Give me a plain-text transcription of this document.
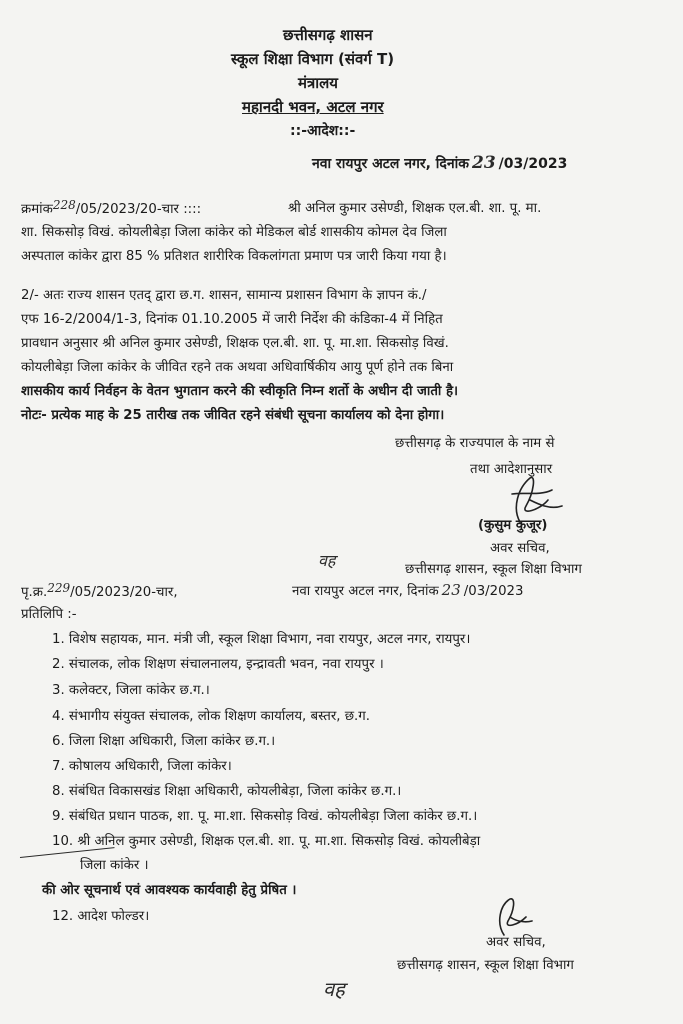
छत्तीसगढ़ शासन
स्कूल शिक्षा विभाग (संवर्ग T)
मंत्रालय
महानदी भवन, अटल नगर
::-आदेश::-
नवा रायपुर अटल नगर, दिनांक 23 /03/2023
क्रमांक228/05/2023/20-चार ::::	श्री अनिल कुमार उसेण्डी, शिक्षक एल.बी. शा. पू. मा.
शा. सिकसोड़ विखं. कोयलीबेड़ा जिला कांकेर को मेडिकल बोर्ड शासकीय कोमल देव जिला
अस्पताल कांकेर द्वारा 85 % प्रतिशत शारीरिक विकलांगता प्रमाण पत्र जारी किया गया है।
2/- अतः राज्य शासन एतद् द्वारा छ.ग. शासन, सामान्य प्रशासन विभाग के ज्ञापन कं./
एफ 16-2/2004/1-3, दिनांक 01.10.2005 में जारी निर्देश की कंडिका-4 में निहित
प्रावधान अनुसार श्री अनिल कुमार उसेण्डी, शिक्षक एल.बी. शा. पू. मा.शा. सिकसोड़ विखं.
कोयलीबेड़ा जिला कांकेर के जीवित रहने तक अथवा अधिवार्षिकीय आयु पूर्ण होने तक बिना
शासकीय कार्य निर्वहन के वेतन भुगतान करने की स्वीकृति निम्न शर्तो के अधीन दी जाती है।
नोटः- प्रत्येक माह के 25 तारीख तक जीवित रहने संबंधी सूचना कार्यालय को देना होगा।
छत्तीसगढ़ के राज्यपाल के नाम से
तथा आदेशानुसार
(कुसुम कुजूर)
अवर सचिव,
छत्तीसगढ़ शासन, स्कूल शिक्षा विभाग
वह
पृ.क्र.229/05/2023/20-चार,	नवा रायपुर अटल नगर, दिनांक 23 /03/2023
प्रतिलिपि :-
1. विशेष सहायक, मान. मंत्री जी, स्कूल शिक्षा विभाग, नवा रायपुर, अटल नगर, रायपुर।
2. संचालक, लोक शिक्षण संचालनालय, इन्द्रावती भवन, नवा रायपुर ।
3. कलेक्टर, जिला कांकेर छ.ग.।
4. संभागीय संयुक्त संचालक, लोक शिक्षण कार्यालय, बस्तर, छ.ग.
6. जिला शिक्षा अधिकारी, जिला कांकेर छ.ग.।
7. कोषालय अधिकारी, जिला कांकेर।
8. संबंधित विकासखंड शिक्षा अधिकारी, कोयलीबेड़ा, जिला कांकेर छ.ग.।
9. संबंधित प्रधान पाठक, शा. पू. मा.शा. सिकसोड़ विखं. कोयलीबेड़ा जिला कांकेर छ.ग.।
10. श्री अनिल कुमार उसेण्डी, शिक्षक एल.बी. शा. पू. मा.शा. सिकसोड़ विखं. कोयलीबेड़ा
जिला कांकेर ।
की ओर सूचनार्थ एवं आवश्यक कार्यवाही हेतु प्रेषित ।
12. आदेश फोल्डर।
अवर सचिव,
छत्तीसगढ़ शासन, स्कूल शिक्षा विभाग
वह
